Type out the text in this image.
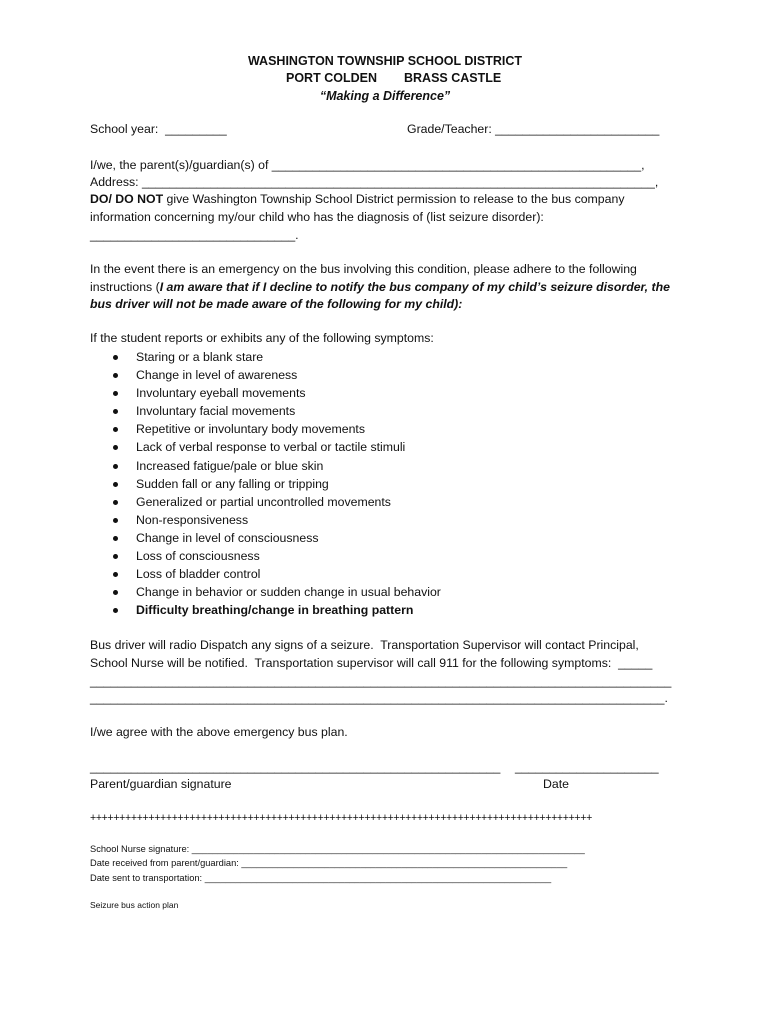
WASHINGTON TOWNSHIP SCHOOL DISTRICT
PORT COLDEN BRASS CASTLE
“Making a Difference”
School year:  _________	Grade/Teacher: ________________________
I/we, the parent(s)/guardian(s) of ______________________________________________________,
Address: ___________________________________________________________________________,
DO/ DO NOT give Washington Township School District permission to release to the bus company
information concerning my/our child who has the diagnosis of (list seizure disorder):
______________________________.
In the event there is an emergency on the bus involving this condition, please adhere to the following
instructions (I am aware that if I decline to notify the bus company of my child’s seizure disorder, the
bus driver will not be made aware of the following for my child):
If the student reports or exhibits any of the following symptoms:
Staring or a blank stare
Change in level of awareness
Involuntary eyeball movements
Involuntary facial movements
Repetitive or involuntary body movements
Lack of verbal response to verbal or tactile stimuli
Increased fatigue/pale or blue skin
Sudden fall or any falling or tripping
Generalized or partial uncontrolled movements
Non-responsiveness
Change in level of consciousness
Loss of consciousness
Loss of bladder control
Change in behavior or sudden change in usual behavior
Difficulty breathing/change in breathing pattern
Bus driver will radio Dispatch any signs of a seizure.  Transportation Supervisor will contact Principal,
School Nurse will be notified.  Transportation supervisor will call 911 for the following symptoms:  _____
_____________________________________________________________________________________
____________________________________________________________________________________.
I/we agree with the above emergency bus plan.
____________________________________________________________ _____________________
Parent/guardian signature	Date
++++++++++++++++++++++++++++++++++++++++++++++++++++++++++++++++++++++++++++++++++++++
School Nurse signature: ____________________________________________________________________________
Date received from parent/guardian: _______________________________________________________________
Date sent to transportation: ___________________________________________________________________
Seizure bus action plan
